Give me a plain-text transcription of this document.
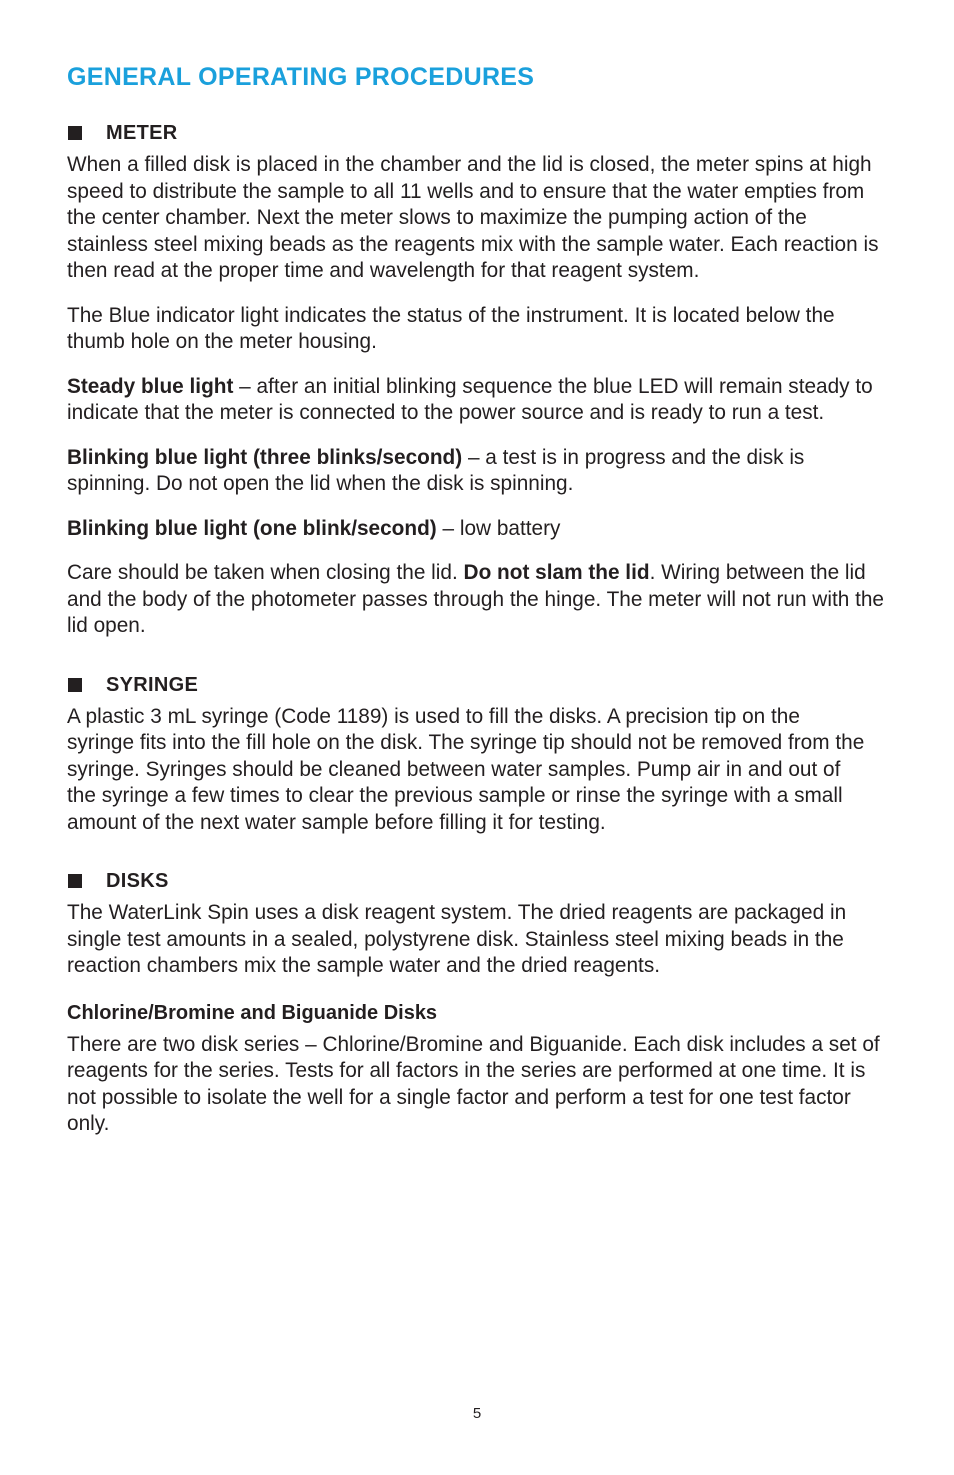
GENERAL OPERATING PROCEDURES
METER

When a filled disk is placed in the chamber and the lid is closed, the meter spins at high speed to distribute the sample to all 11 wells and to ensure that the water empties from the center chamber. Next the meter slows to maximize the pumping action of the stainless steel mixing beads as the reagents mix with the sample water. Each reaction is then read at the proper time and wavelength for that reagent system.

The Blue indicator light indicates the status of the instrument. It is located below the thumb hole on the meter housing.

Steady blue light – after an initial blinking sequence the blue LED will remain steady to indicate that the meter is connected to the power source and is ready to run a test.

Blinking blue light (three blinks/second) – a test is in progress and the disk is spinning. Do not open the lid when the disk is spinning.

Blinking blue light (one blink/second) – low battery

Care should be taken when closing the lid. Do not slam the lid. Wiring between the lid and the body of the photometer passes through the hinge. The meter will not run with the lid open.

SYRINGE

A plastic 3 mL syringe (Code 1189) is used to fill the disks. A precision tip on the syringe fits into the fill hole on the disk. The syringe tip should not be removed from the syringe. Syringes should be cleaned between water samples. Pump air in and out of the syringe a few times to clear the previous sample or rinse the syringe with a small amount of the next water sample before filling it for testing.

DISKS

The WaterLink Spin uses a disk reagent system. The dried reagents are packaged in single test amounts in a sealed, polystyrene disk. Stainless steel mixing beads in the reaction chambers mix the sample water and the dried reagents.

Chlorine/Bromine and Biguanide Disks

There are two disk series – Chlorine/Bromine and Biguanide. Each disk includes a set of reagents for the series. Tests for all factors in the series are performed at one time. It is not possible to isolate the well for a single factor and perform a test for one test factor only.

5
